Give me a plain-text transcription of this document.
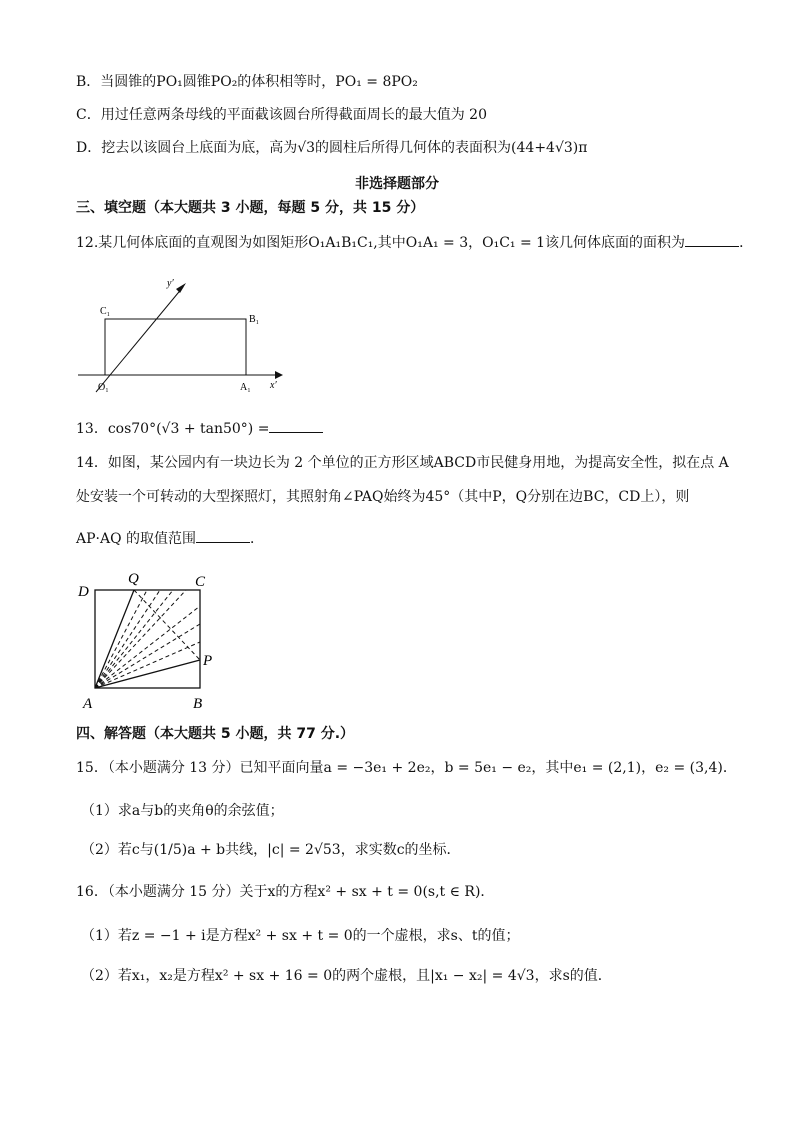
B．当圆锥的PO₁圆锥PO₂的体积相等时，PO₁ = 8PO₂
C．用过任意两条母线的平面截该圆台所得截面周长的最大值为 20
D．挖去以该圆台上底面为底，高为√3的圆柱后所得几何体的表面积为(44+4√3)π
非选择题部分
三、填空题（本大题共 3 小题，每题 5 分，共 15 分）
12.某几何体底面的直观图为如图矩形O₁A₁B₁C₁,其中O₁A₁ = 3，O₁C₁ = 1该几何体底面的面积为	．
y′
x′
C₁
B₁
O₁	A₁
13．cos70°(√3 + tan50°) =
14．如图，某公园内有一块边长为 2 个单位的正方形区域ABCD市民健身用地，为提高安全性，拟在点 A
处安装一个可转动的大型探照灯，其照射角∠PAQ始终为45°（其中P，Q分别在边BC，CD上），则
AP·AQ 的取值范围	．
D
Q	C
P
A	B
四、解答题（本大题共 5 小题，共 77 分.）
15．（本小题满分 13 分）已知平面向量a = −3e₁ + 2e₂，b = 5e₁ − e₂，其中e₁ = (2,1)，e₂ = (3,4)．
（1）求a与b的夹角θ的余弦值；
（2）若c与(1/5)a + b共线，|c| = 2√53，求实数c的坐标．
16．（本小题满分 15 分）关于x的方程x² + sx + t = 0(s,t ∈ R)．
（1）若z = −1 + i是方程x² + sx + t = 0的一个虚根，求s、t的值；
（2）若x₁，x₂是方程x² + sx + 16 = 0的两个虚根，且|x₁ − x₂| = 4√3，求s的值．
